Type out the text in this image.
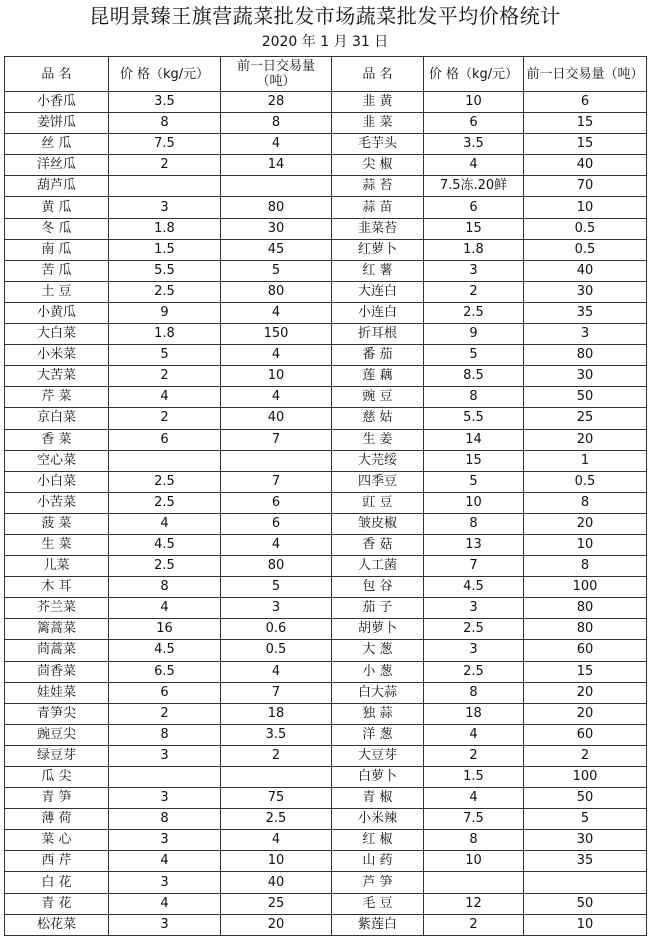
昆明景臻王旗营蔬菜批发市场蔬菜批发平均价格统计
2020 年 1 月 31 日
品 名	价 格（kg/元）	前一日交易量（吨）	品 名	价 格（kg/元）	前一日交易量（吨）
小香瓜	3.5	28	韭 黄	10	6
姜饼瓜	8	8	韭 菜	6	15
丝 瓜	7.5	4	毛芋头	3.5	15
洋丝瓜	2	14	尖 椒	4	40
葫芦瓜			蒜 苔	7.5冻.20鲜	70
黄 瓜	3	80	蒜 苗	6	10
冬 瓜	1.8	30	韭菜苔	15	0.5
南 瓜	1.5	45	红萝卜	1.8	0.5
苦 瓜	5.5	5	红 薯	3	40
土 豆	2.5	80	大连白	2	30
小黄瓜	9	4	小连白	2.5	35
大白菜	1.8	150	折耳根	9	3
小米菜	5	4	番 茄	5	80
大苦菜	2	10	莲 藕	8.5	30
芹 菜	4	4	豌 豆	8	50
京白菜	2	40	慈 姑	5.5	25
香 菜	6	7	生 姜	14	20
空心菜			大芫绥	15	1
小白菜	2.5	7	四季豆	5	0.5
小苦菜	2.5	6	豇 豆	10	8
菠 菜	4	6	皱皮椒	8	20
生 菜	4.5	4	香 菇	13	10
儿菜	2.5	80	人工菌	7	8
木 耳	8	5	包 谷	4.5	100
芥兰菜	4	3	茄 子	3	80
篱蒿菜	16	0.6	胡萝卜	2.5	80
茼蒿菜	4.5	0.5	大 葱	3	60
茴香菜	6.5	4	小 葱	2.5	15
娃娃菜	6	7	白大蒜	8	20
青笋尖	2	18	独 蒜	18	20
豌豆尖	8	3.5	洋 葱	4	60
绿豆芽	3	2	大豆芽	2	2
瓜 尖			白萝卜	1.5	100
青 笋	3	75	青 椒	4	50
薄 荷	8	2.5	小米辣	7.5	5
菜 心	3	4	红 椒	8	30
西 芹	4	10	山 药	10	35
白 花	3	40	芦 笋		
青 花	4	25	毛 豆	12	50
松花菜	3	20	紫莲白	2	10
